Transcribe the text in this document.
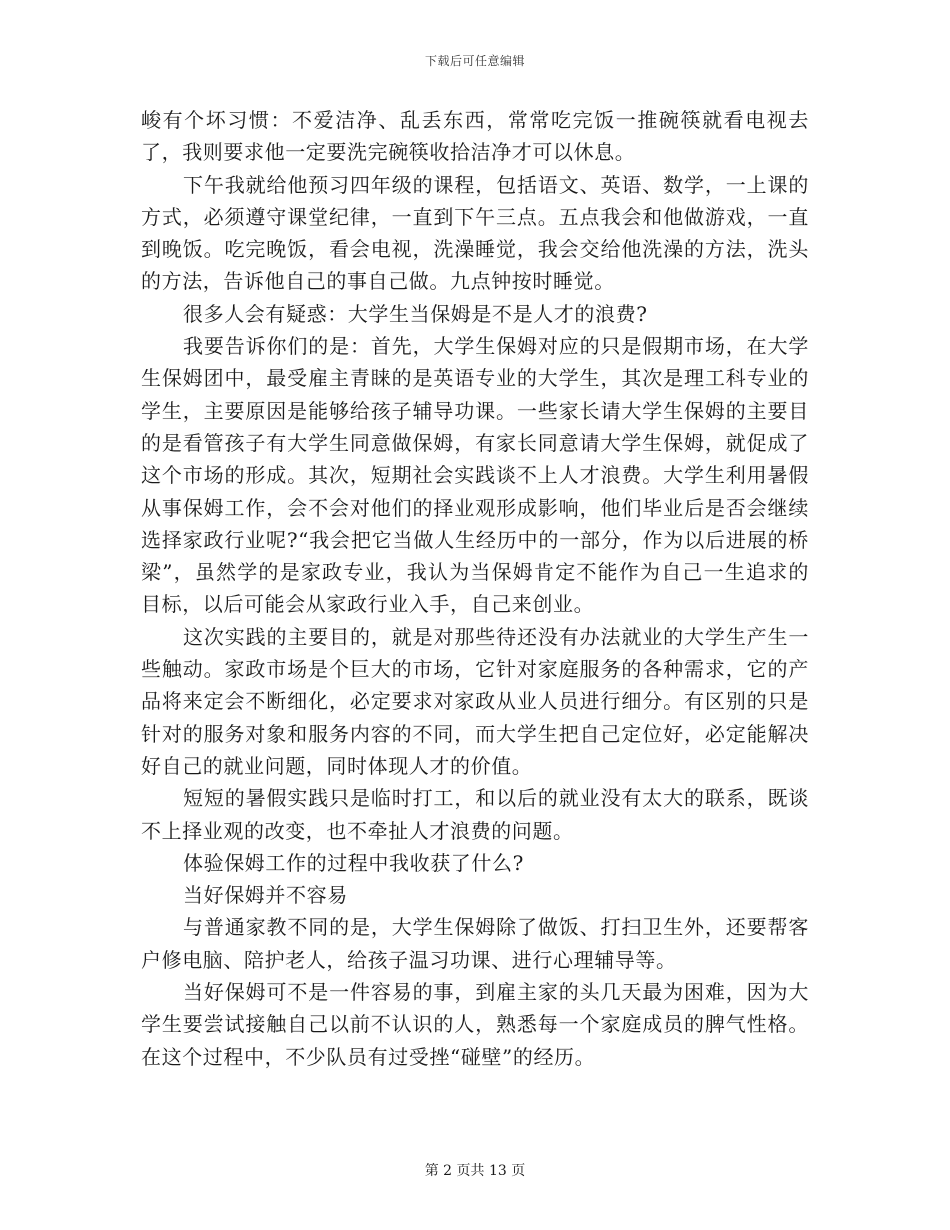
下载后可任意编辑

峻有个坏习惯：不爱洁净、乱丢东西，常常吃完饭一推碗筷就看电视去了，我则要求他一定要洗完碗筷收拾洁净才可以休息。

下午我就给他预习四年级的课程，包括语文、英语、数学，一上课的方式，必须遵守课堂纪律，一直到下午三点。五点我会和他做游戏，一直到晚饭。吃完晚饭，看会电视，洗澡睡觉，我会交给他洗澡的方法，洗头的方法，告诉他自己的事自己做。九点钟按时睡觉。

很多人会有疑惑：大学生当保姆是不是人才的浪费?

我要告诉你们的是：首先，大学生保姆对应的只是假期市场，在大学生保姆团中，最受雇主青睐的是英语专业的大学生，其次是理工科专业的学生，主要原因是能够给孩子辅导功课。一些家长请大学生保姆的主要目的是看管孩子有大学生同意做保姆，有家长同意请大学生保姆，就促成了这个市场的形成。其次，短期社会实践谈不上人才浪费。大学生利用暑假从事保姆工作，会不会对他们的择业观形成影响，他们毕业后是否会继续选择家政行业呢?“我会把它当做人生经历中的一部分，作为以后进展的桥梁”，虽然学的是家政专业，我认为当保姆肯定不能作为自己一生追求的目标，以后可能会从家政行业入手，自己来创业。

这次实践的主要目的，就是对那些待还没有办法就业的大学生产生一些触动。家政市场是个巨大的市场，它针对家庭服务的各种需求，它的产品将来定会不断细化，必定要求对家政从业人员进行细分。有区别的只是针对的服务对象和服务内容的不同，而大学生把自己定位好，必定能解决好自己的就业问题，同时体现人才的价值。

短短的暑假实践只是临时打工，和以后的就业没有太大的联系，既谈不上择业观的改变，也不牵扯人才浪费的问题。

体验保姆工作的过程中我收获了什么?

当好保姆并不容易

与普通家教不同的是，大学生保姆除了做饭、打扫卫生外，还要帮客户修电脑、陪护老人，给孩子温习功课、进行心理辅导等。

当好保姆可不是一件容易的事，到雇主家的头几天最为困难，因为大学生要尝试接触自己以前不认识的人，熟悉每一个家庭成员的脾气性格。在这个过程中，不少队员有过受挫“碰壁”的经历。

第 2 页共 13 页
